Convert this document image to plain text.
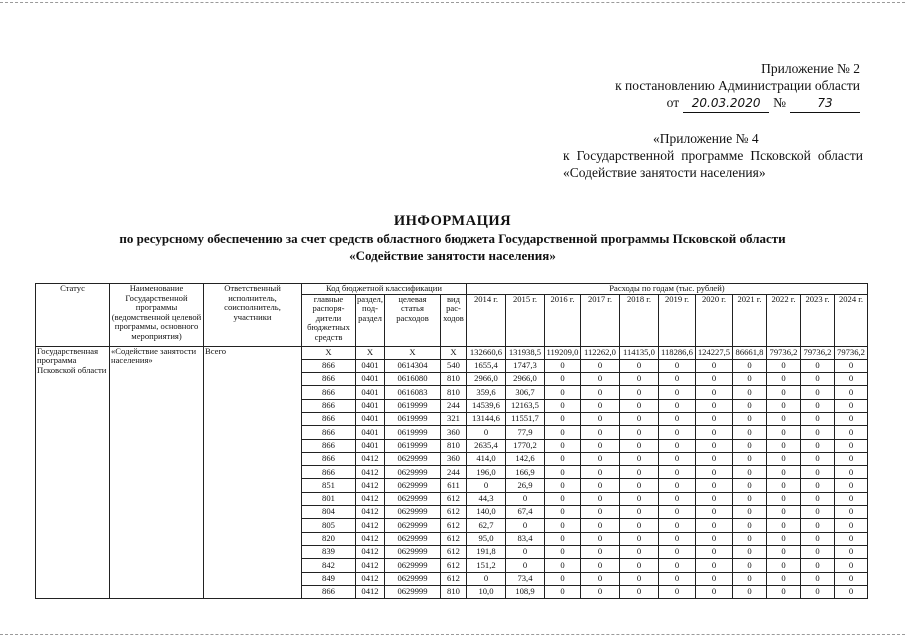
Приложение № 2
к постановлению Администрации области
от	20.03.2020 №	73
«Приложение № 4
к Государственной программе Псковской области «Содействие занятости населения»
ИНФОРМАЦИЯ
по ресурсному обеспечению за счет средств областного бюджета Государственной программы Псковской области
«Содействие занятости населения»
Статус	Наименование Государственной программы (ведомственной целевой программы, основного мероприятия)	Ответственный исполнитель, соисполнитель, участники	Код бюджетной классификации				Расходы по годам (тыс. рублей)										
			главные распоря-дители бюджетных средств	раздел, под-раздел	целевая статья расходов	вид рас-ходов	2014 г.	2015 г.	2016 г.	2017 г.	2018 г.	2019 г.	2020 г.	2021 г.	2022 г.	2023 г.	2024 г.
Государственная программа Псковской области	«Содействие занятости населения»	Всего	X	X	X	X	132660,6	131938,5	119209,0	112262,0	114135,0	118286,6	124227,5	86661,8	79736,2	79736,2	79736,2
			866	0401	0614304	540	1655,4	1747,3	0	0	0	0	0	0	0	0	0
			866	0401	0616080	810	2966,0	2966,0	0	0	0	0	0	0	0	0	0
			866	0401	0616083	810	359,6	306,7	0	0	0	0	0	0	0	0	0
			866	0401	0619999	244	14539,6	12163,5	0	0	0	0	0	0	0	0	0
			866	0401	0619999	321	13144,6	11551,7	0	0	0	0	0	0	0	0	0
			866	0401	0619999	360	0	77,9	0	0	0	0	0	0	0	0	0
			866	0401	0619999	810	2635,4	1770,2	0	0	0	0	0	0	0	0	0
			866	0412	0629999	360	414,0	142,6	0	0	0	0	0	0	0	0	0
			866	0412	0629999	244	196,0	166,9	0	0	0	0	0	0	0	0	0
			851	0412	0629999	611	0	26,9	0	0	0	0	0	0	0	0	0
			801	0412	0629999	612	44,3	0	0	0	0	0	0	0	0	0	0
			804	0412	0629999	612	140,0	67,4	0	0	0	0	0	0	0	0	0
			805	0412	0629999	612	62,7	0	0	0	0	0	0	0	0	0	0
			820	0412	0629999	612	95,0	83,4	0	0	0	0	0	0	0	0	0
			839	0412	0629999	612	191,8	0	0	0	0	0	0	0	0	0	0
			842	0412	0629999	612	151,2	0	0	0	0	0	0	0	0	0	0
			849	0412	0629999	612	0	73,4	0	0	0	0	0	0	0	0	0
			866	0412	0629999	810	10,0	108,9	0	0	0	0	0	0	0	0	0
